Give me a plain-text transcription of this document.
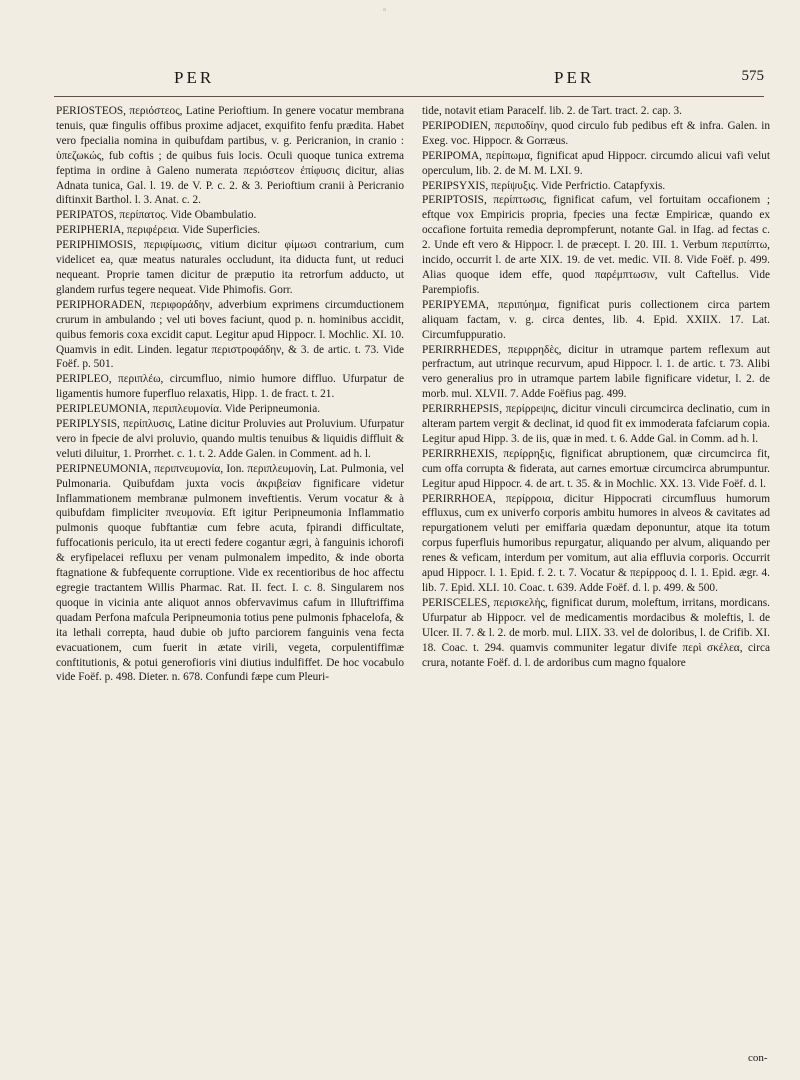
◦
PER	PER	575

PERIOSTEOS, περιόστεος, Latine Perioftium. In genere vocatur membrana tenuis, quæ fingulis offibus proxime adjacet, exquifito fenfu prædita. Habet vero fpecialia nomina in quibufdam partibus, v. g. Pericranion, in cranio : ὑπεζωκώς, fub coftis ; de quibus fuis locis. Oculi quoque tunica extrema feptima in ordine à Galeno numerata περιόστεον ἐπίφυσις dicitur, alias Adnata tunica, Gal. l. 19. de V. P. c. 2. & 3. Perioftium cranii à Pericranio diftinxit Barthol. l. 3. Anat. c. 2.

PERIPATOS, περίπατος. Vide Obambulatio.

PERIPHERIA, περιφέρεια. Vide Superficies.

PERIPHIMOSIS, περιφίμωσις, vitium dicitur φίμωσι contrarium, cum videlicet ea, quæ meatus naturales occludunt, ita diducta funt, ut reduci nequeant. Proprie tamen dicitur de præputio ita retrorfum adducto, ut glandem rurfus tegere nequeat. Vide Phimofis. Gorr.

PERIPHORADEN, περιφοράδην, adverbium exprimens circumductionem crurum in ambulando ; vel uti boves faciunt, quod p. n. hominibus accidit, quibus femoris coxa excidit caput. Legitur apud Hippocr. l. Mochlic. XI. 10. Quamvis in edit. Linden. legatur περιστροφάδην, & 3. de artic. t. 73. Vide Foëf. p. 501.

PERIPLEO, περιπλέω, circumfluo, nimio humore diffluo. Ufurpatur de ligamentis humore fuperfluo relaxatis, Hipp. 1. de fract. t. 21.

PERIPLEUMONIA, περιπλευμονία. Vide Peripneumonia.

PERIPLYSIS, περίπλυσις, Latine dicitur Proluvies aut Proluvium. Ufurpatur vero in fpecie de alvi proluvio, quando multis tenuibus & liquidis diffluit & veluti diluitur, 1. Prorrhet. c. 1. t. 2. Adde Galen. in Comment. ad h. l.

PERIPNEUMONIA, περιπνευμονία, Ion. περιπλευμονίη, Lat. Pulmonia, vel Pulmonaria. Quibufdam juxta vocis ἀκριβείαν fignificare videtur Inflammationem membranæ pulmonem inveftientis. Verum vocatur & à quibufdam fimpliciter πνευμονία. Eft igitur Peripneumonia Inflammatio pulmonis quoque fubftantiæ cum febre acuta, fpirandi difficultate, fuffocationis periculo, ita ut erecti federe cogantur ægri, à fanguinis ichorofi & eryfipelacei refluxu per venam pulmonalem impedito, & inde oborta ftagnatione & fubfequente corruptione. Vide ex recentioribus de hoc affectu egregie tractantem Willis Pharmac. Rat. II. fect. I. c. 8. Singularem nos quoque in vicinia ante aliquot annos obfervavimus cafum in Illuftriffima quadam Perfona mafcula Peripneumonia totius pene pulmonis fphacelofa, & ita lethali correpta, haud dubie ob jufto parciorem fanguinis vena fecta evacuationem, cum fuerit in ætate virili, vegeta, corpulentiffimæ conftitutionis, & potui generofioris vini diutius indulfiffet. De hoc vocabulo vide Foëf. p. 498. Dieter. n. 678. Confundi fæpe cum Pleuri-

tide, notavit etiam Paracelf. lib. 2. de Tart. tract. 2. cap. 3.

PERIPODIEN, περιποδίην, quod circulo fub pedibus eft & infra. Galen. in Exeg. voc. Hippocr. & Gorræus.

PERIPOMA, περίπωμα, fignificat apud Hippocr. circumdo alicui vafi velut operculum, lib. 2. de M. M. LXI. 9.

PERIPSYXIS, περίψυξις. Vide Perfrictio. Catapfyxis.

PERIPTOSIS, περίπτωσις, fignificat cafum, vel fortuitam occafionem ; eftque vox Empiricis propria, fpecies una fectæ Empiricæ, quando ex occafione fortuita remedia deprompferunt, notante Gal. in Ifag. ad fectas c. 2. Unde eft vero & Hippocr. l. de præcept. I. 20. III. 1. Verbum περιπίπτω, incido, occurrit l. de arte XIX. 19. de vet. medic. VII. 8. Vide Foëf. p. 499. Alias quoque idem effe, quod παρέμπτωσιν, vult Caftellus. Vide Parempiofis.

PERIPYEMA, περιπύημα, fignificat puris collectionem circa partem aliquam factam, v. g. circa dentes, lib. 4. Epid. XXIIX. 17. Lat. Circumfuppuratio.

PERIRRHEDES, περιρρηδὲς, dicitur in utramque partem reflexum aut perfractum, aut utrinque recurvum, apud Hippocr. l. 1. de artic. t. 73. Alibi vero generalius pro in utramque partem labile fignificare videtur, l. 2. de morb. mul. XLVII. 7. Adde Foëfius pag. 499.

PERIRRHEPSIS, περίρρεψις, dicitur vinculi circumcirca declinatio, cum in alteram partem vergit & declinat, id quod fit ex immoderata fafciarum copia. Legitur apud Hipp. 3. de iis, quæ in med. t. 6. Adde Gal. in Comm. ad h. l.

PERIRRHEXIS, περίρρηξις, fignificat abruptionem, quæ circumcirca fit, cum offa corrupta & fiderata, aut carnes emortuæ circumcirca abrumpuntur. Legitur apud Hippocr. 4. de art. t. 35. & in Mochlic. XX. 13. Vide Foëf. d. l.

PERIRRHOEA, περίρροια, dicitur Hippocrati circumfluus humorum effluxus, cum ex univerfo corporis ambitu humores in alveos & cavitates ad repurgationem veluti per emiffaria quædam deponuntur, atque ita totum corpus fuperfluis humoribus repurgatur, aliquando per alvum, aliquando per renes & veficam, interdum per vomitum, aut alia effluvia corporis. Occurrit apud Hippocr. l. 1. Epid. f. 2. t. 7. Vocatur & περίρροος d. l. 1. Epid. ægr. 4. lib. 7. Epid. XLI. 10. Coac. t. 639. Adde Foëf. d. l. p. 499. & 500.

PERISCELES, περισκελὴς, fignificat durum, moleftum, irritans, mordicans. Ufurpatur ab Hippocr. vel de medicamentis mordacibus & moleftis, l. de Ulcer. II. 7. & l. 2. de morb. mul. LIIX. 33. vel de doloribus, l. de Crifib. XI. 18. Coac. t. 294. quamvis communiter legatur divife περὶ σκέλεα, circa crura, notante Foëf. d. l. de ardoribus cum magno fqualore

con-
